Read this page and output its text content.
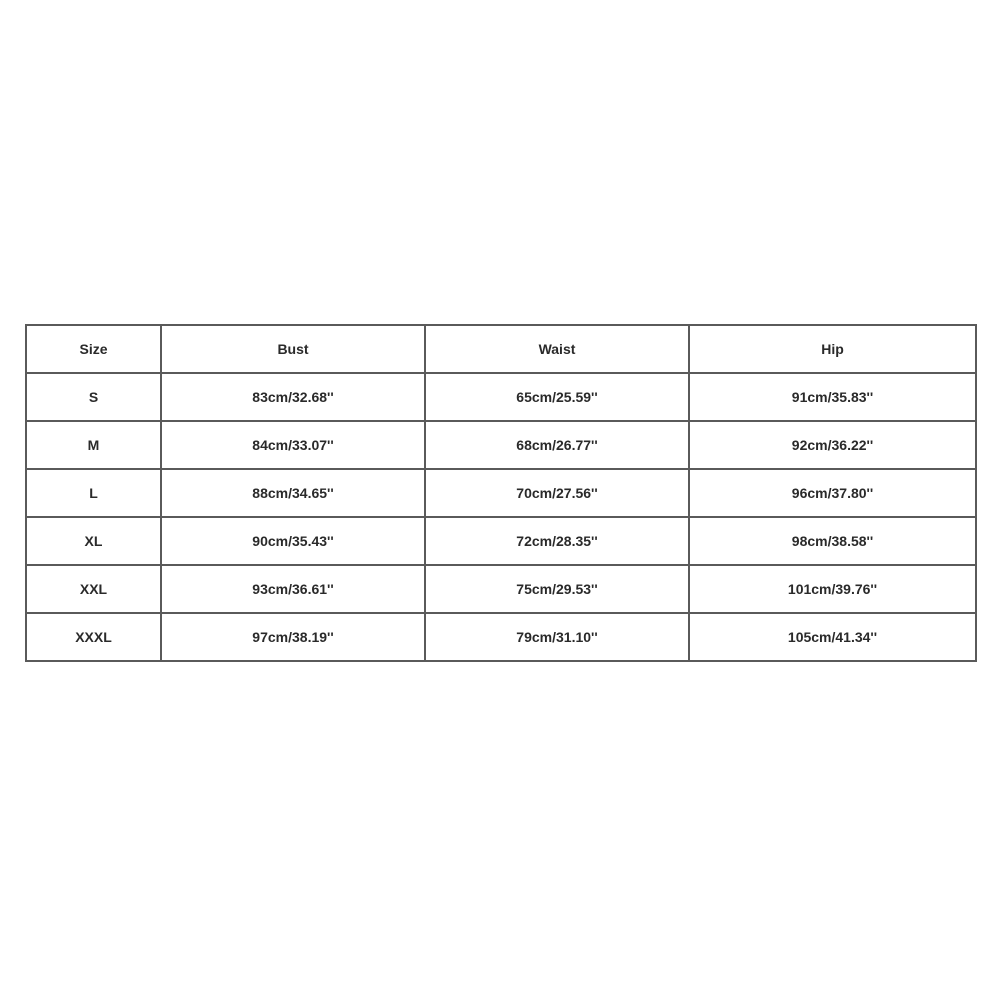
Size	Bust	Waist	Hip
S	83cm/32.68''	65cm/25.59''	91cm/35.83''
M	84cm/33.07''	68cm/26.77''	92cm/36.22''
L	88cm/34.65''	70cm/27.56''	96cm/37.80''
XL	90cm/35.43''	72cm/28.35''	98cm/38.58''
XXL	93cm/36.61''	75cm/29.53''	101cm/39.76''
XXXL	97cm/38.19''	79cm/31.10''	105cm/41.34''
